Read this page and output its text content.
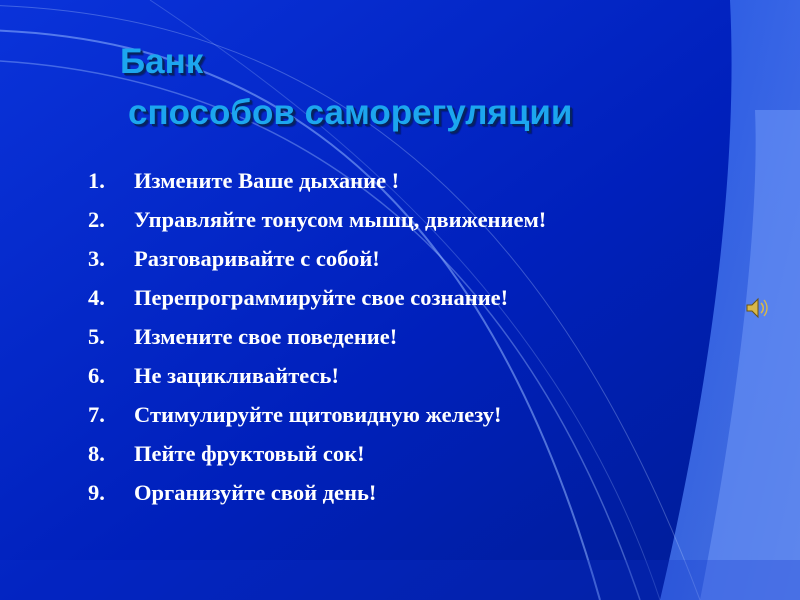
Банк
способов саморегуляции
1.	Измените Ваше дыхание !
2.	Управляйте тонусом мышц, движением!
3.	Разговаривайте с собой!
4.	Перепрограммируйте свое сознание!
5.	Измените свое поведение!
6.	Не зацикливайтесь!
7.	Стимулируйте щитовидную железу!
8.	Пейте фруктовый сок!
9.	Организуйте свой день!
